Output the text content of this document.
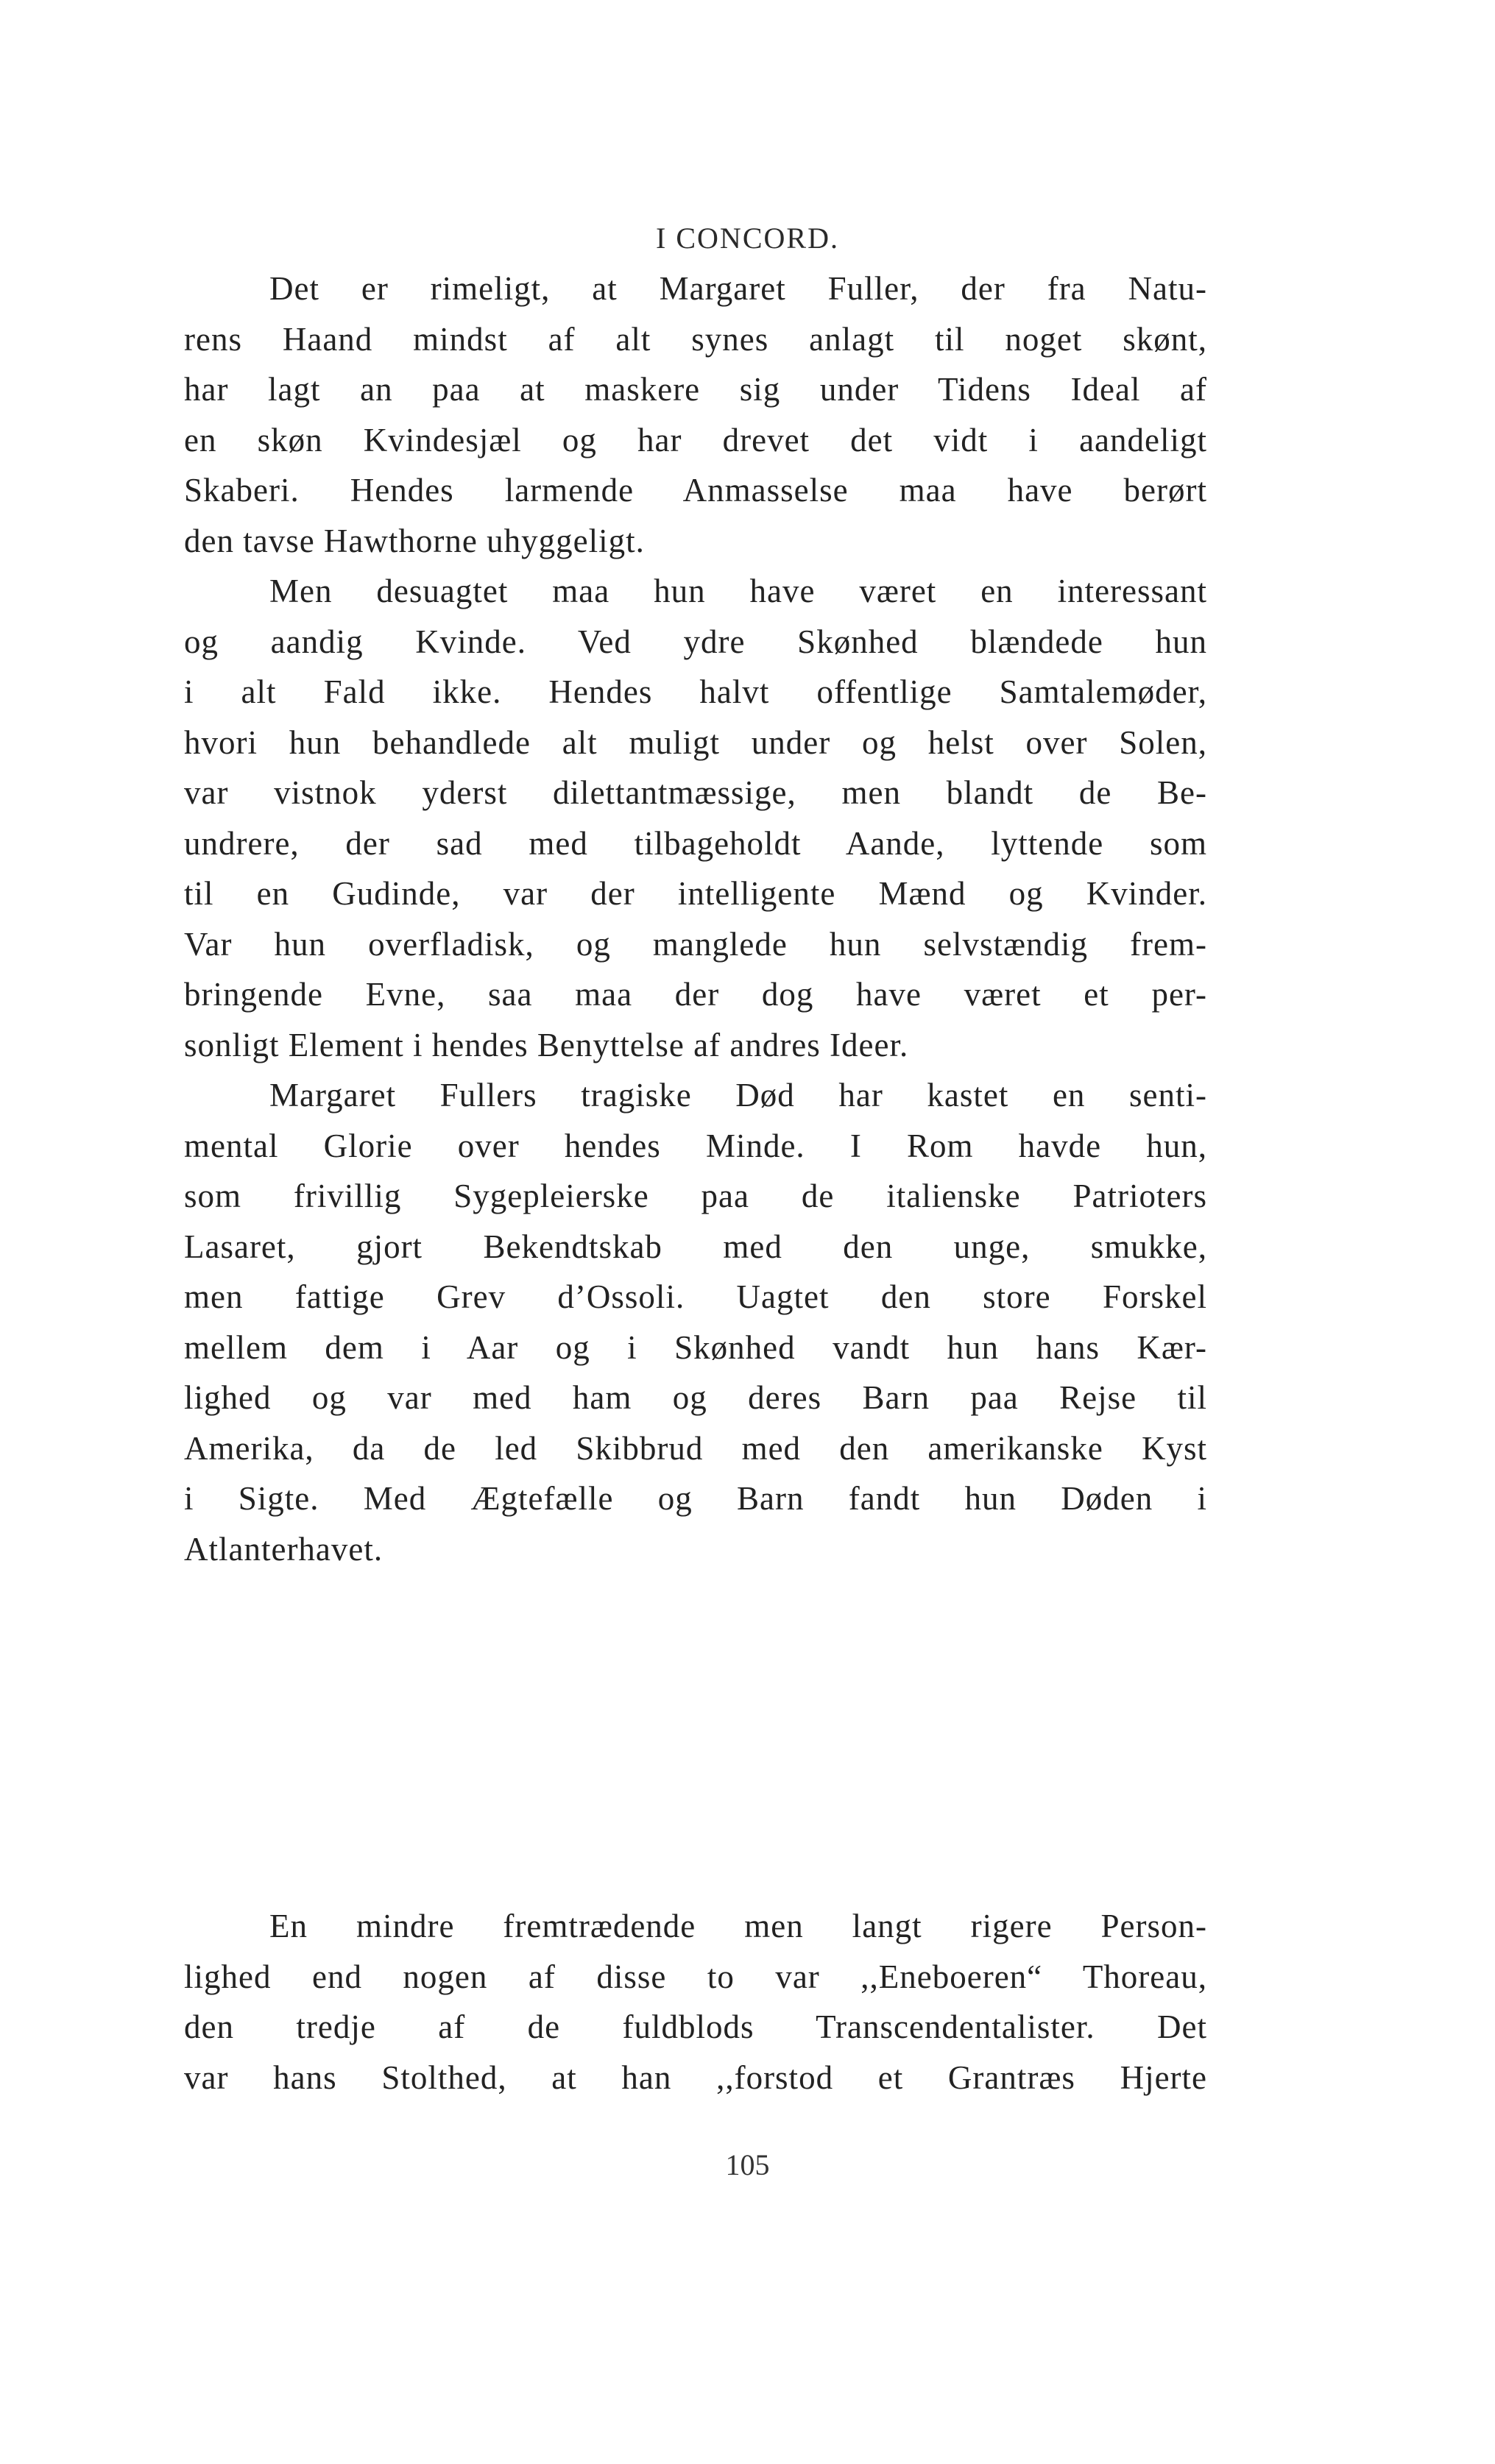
I CONCORD.
Det er rimeligt, at Margaret Fuller, der fra Natu-
rens Haand mindst af alt synes anlagt til noget skønt,
har lagt an paa at maskere sig under Tidens Ideal af
en skøn Kvindesjæl og har drevet det vidt i aandeligt
Skaberi. Hendes larmende Anmasselse maa have berørt
den tavse Hawthorne uhyggeligt.
Men desuagtet maa hun have været en interessant
og aandig Kvinde. Ved ydre Skønhed blændede hun
i alt Fald ikke. Hendes halvt offentlige Samtalemøder,
hvori hun behandlede alt muligt under og helst over Solen,
var vistnok yderst dilettantmæssige, men blandt de Be-
undrere, der sad med tilbageholdt Aande, lyttende som
til en Gudinde, var der intelligente Mænd og Kvinder.
Var hun overfladisk, og manglede hun selvstændig frem-
bringende Evne, saa maa der dog have været et per-
sonligt Element i hendes Benyttelse af andres Ideer.
Margaret Fullers tragiske Død har kastet en senti-
mental Glorie over hendes Minde. I Rom havde hun,
som frivillig Sygepleierske paa de italienske Patrioters
Lasaret, gjort Bekendtskab med den unge, smukke,
men fattige Grev d’Ossoli. Uagtet den store Forskel
mellem dem i Aar og i Skønhed vandt hun hans Kær-
lighed og var med ham og deres Barn paa Rejse til
Amerika, da de led Skibbrud med den amerikanske Kyst
i Sigte. Med Ægtefælle og Barn fandt hun Døden i
Atlanterhavet.
En mindre fremtrædende men langt rigere Person-
lighed end nogen af disse to var ,,Eneboeren“ Thoreau,
den tredje af de fuldblods Transcendentalister. Det
var hans Stolthed, at han ,,forstod et Grantræs Hjerte
105
